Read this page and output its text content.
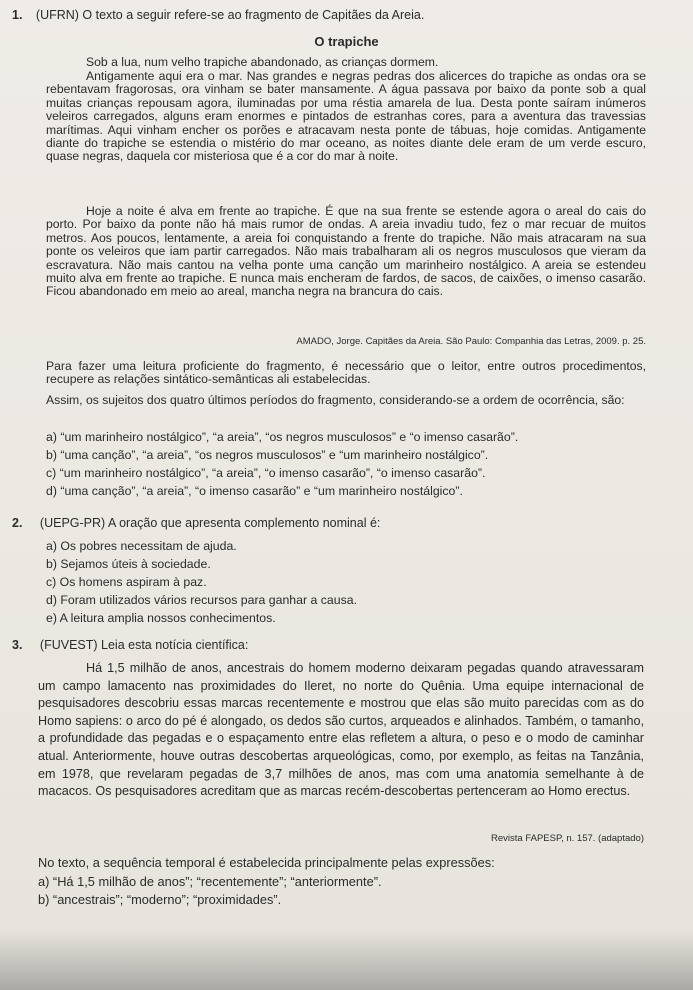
1. (UFRN) O texto a seguir refere-se ao fragmento de Capitães da Areia.
O trapiche
Sob a lua, num velho trapiche abandonado, as crianças dormem.
Antigamente aqui era o mar. Nas grandes e negras pedras dos alicerces do trapiche as ondas ora se rebentavam fragorosas, ora vinham se bater mansamente. A água passava por baixo da ponte sob a qual muitas crianças repousam agora, iluminadas por uma réstia amarela de lua. Desta ponte saíram inúmeros veleiros carregados, alguns eram enormes e pintados de estranhas cores, para a aventura das travessias marítimas. Aqui vinham encher os porões e atracavam nesta ponte de tábuas, hoje comidas. Antigamente diante do trapiche se estendia o mistério do mar oceano, as noites diante dele eram de um verde escuro, quase negras, daquela cor misteriosa que é a cor do mar à noite.
Hoje a noite é alva em frente ao trapiche. É que na sua frente se estende agora o areal do cais do porto. Por baixo da ponte não há mais rumor de ondas. A areia invadiu tudo, fez o mar recuar de muitos metros. Aos poucos, lentamente, a areia foi conquistando a frente do trapiche. Não mais atracaram na sua ponte os veleiros que iam partir carregados. Não mais trabalharam ali os negros musculosos que vieram da escravatura. Não mais cantou na velha ponte uma canção um marinheiro nostálgico. A areia se estendeu muito alva em frente ao trapiche. E nunca mais encheram de fardos, de sacos, de caixões, o imenso casarão. Ficou abandonado em meio ao areal, mancha negra na brancura do cais.
AMADO, Jorge. Capitães da Areia. São Paulo: Companhia das Letras, 2009. p. 25.
Para fazer uma leitura proficiente do fragmento, é necessário que o leitor, entre outros procedimentos, recupere as relações sintático-semânticas ali estabelecidas.
Assim, os sujeitos dos quatro últimos períodos do fragmento, considerando-se a ordem de ocorrência, são:
a) “um marinheiro nostálgico”, “a areia”, “os negros musculosos” e “o imenso casarão”.
b) “uma canção”, “a areia”, “os negros musculosos” e “um marinheiro nostálgico”.
c) “um marinheiro nostálgico”, “a areia”, “o imenso casarão”, “o imenso casarão”.
d) “uma canção”, “a areia”, “o imenso casarão” e “um marinheiro nostálgico”.
2. (UEPG-PR) A oração que apresenta complemento nominal é:
a) Os pobres necessitam de ajuda.
b) Sejamos úteis à sociedade.
c) Os homens aspiram à paz.
d) Foram utilizados vários recursos para ganhar a causa.
e) A leitura amplia nossos conhecimentos.
3. (FUVEST) Leia esta notícia científica:
Há 1,5 milhão de anos, ancestrais do homem moderno deixaram pegadas quando atravessaram um campo lamacento nas proximidades do Ileret, no norte do Quênia. Uma equipe internacional de pesquisadores descobriu essas marcas recentemente e mostrou que elas são muito parecidas com as do Homo sapiens: o arco do pé é alongado, os dedos são curtos, arqueados e alinhados. Também, o tamanho, a profundidade das pegadas e o espaçamento entre elas refletem a altura, o peso e o modo de caminhar atual. Anteriormente, houve outras descobertas arqueológicas, como, por exemplo, as feitas na Tanzânia, em 1978, que revelaram pegadas de 3,7 milhões de anos, mas com uma anatomia semelhante à de macacos. Os pesquisadores acreditam que as marcas recém-descobertas pertenceram ao Homo erectus.
Revista FAPESP, n. 157. (adaptado)
No texto, a sequência temporal é estabelecida principalmente pelas expressões:
a) “Há 1,5 milhão de anos”; “recentemente”; “anteriormente”.
b) “ancestrais”; “moderno”; “proximidades”.
